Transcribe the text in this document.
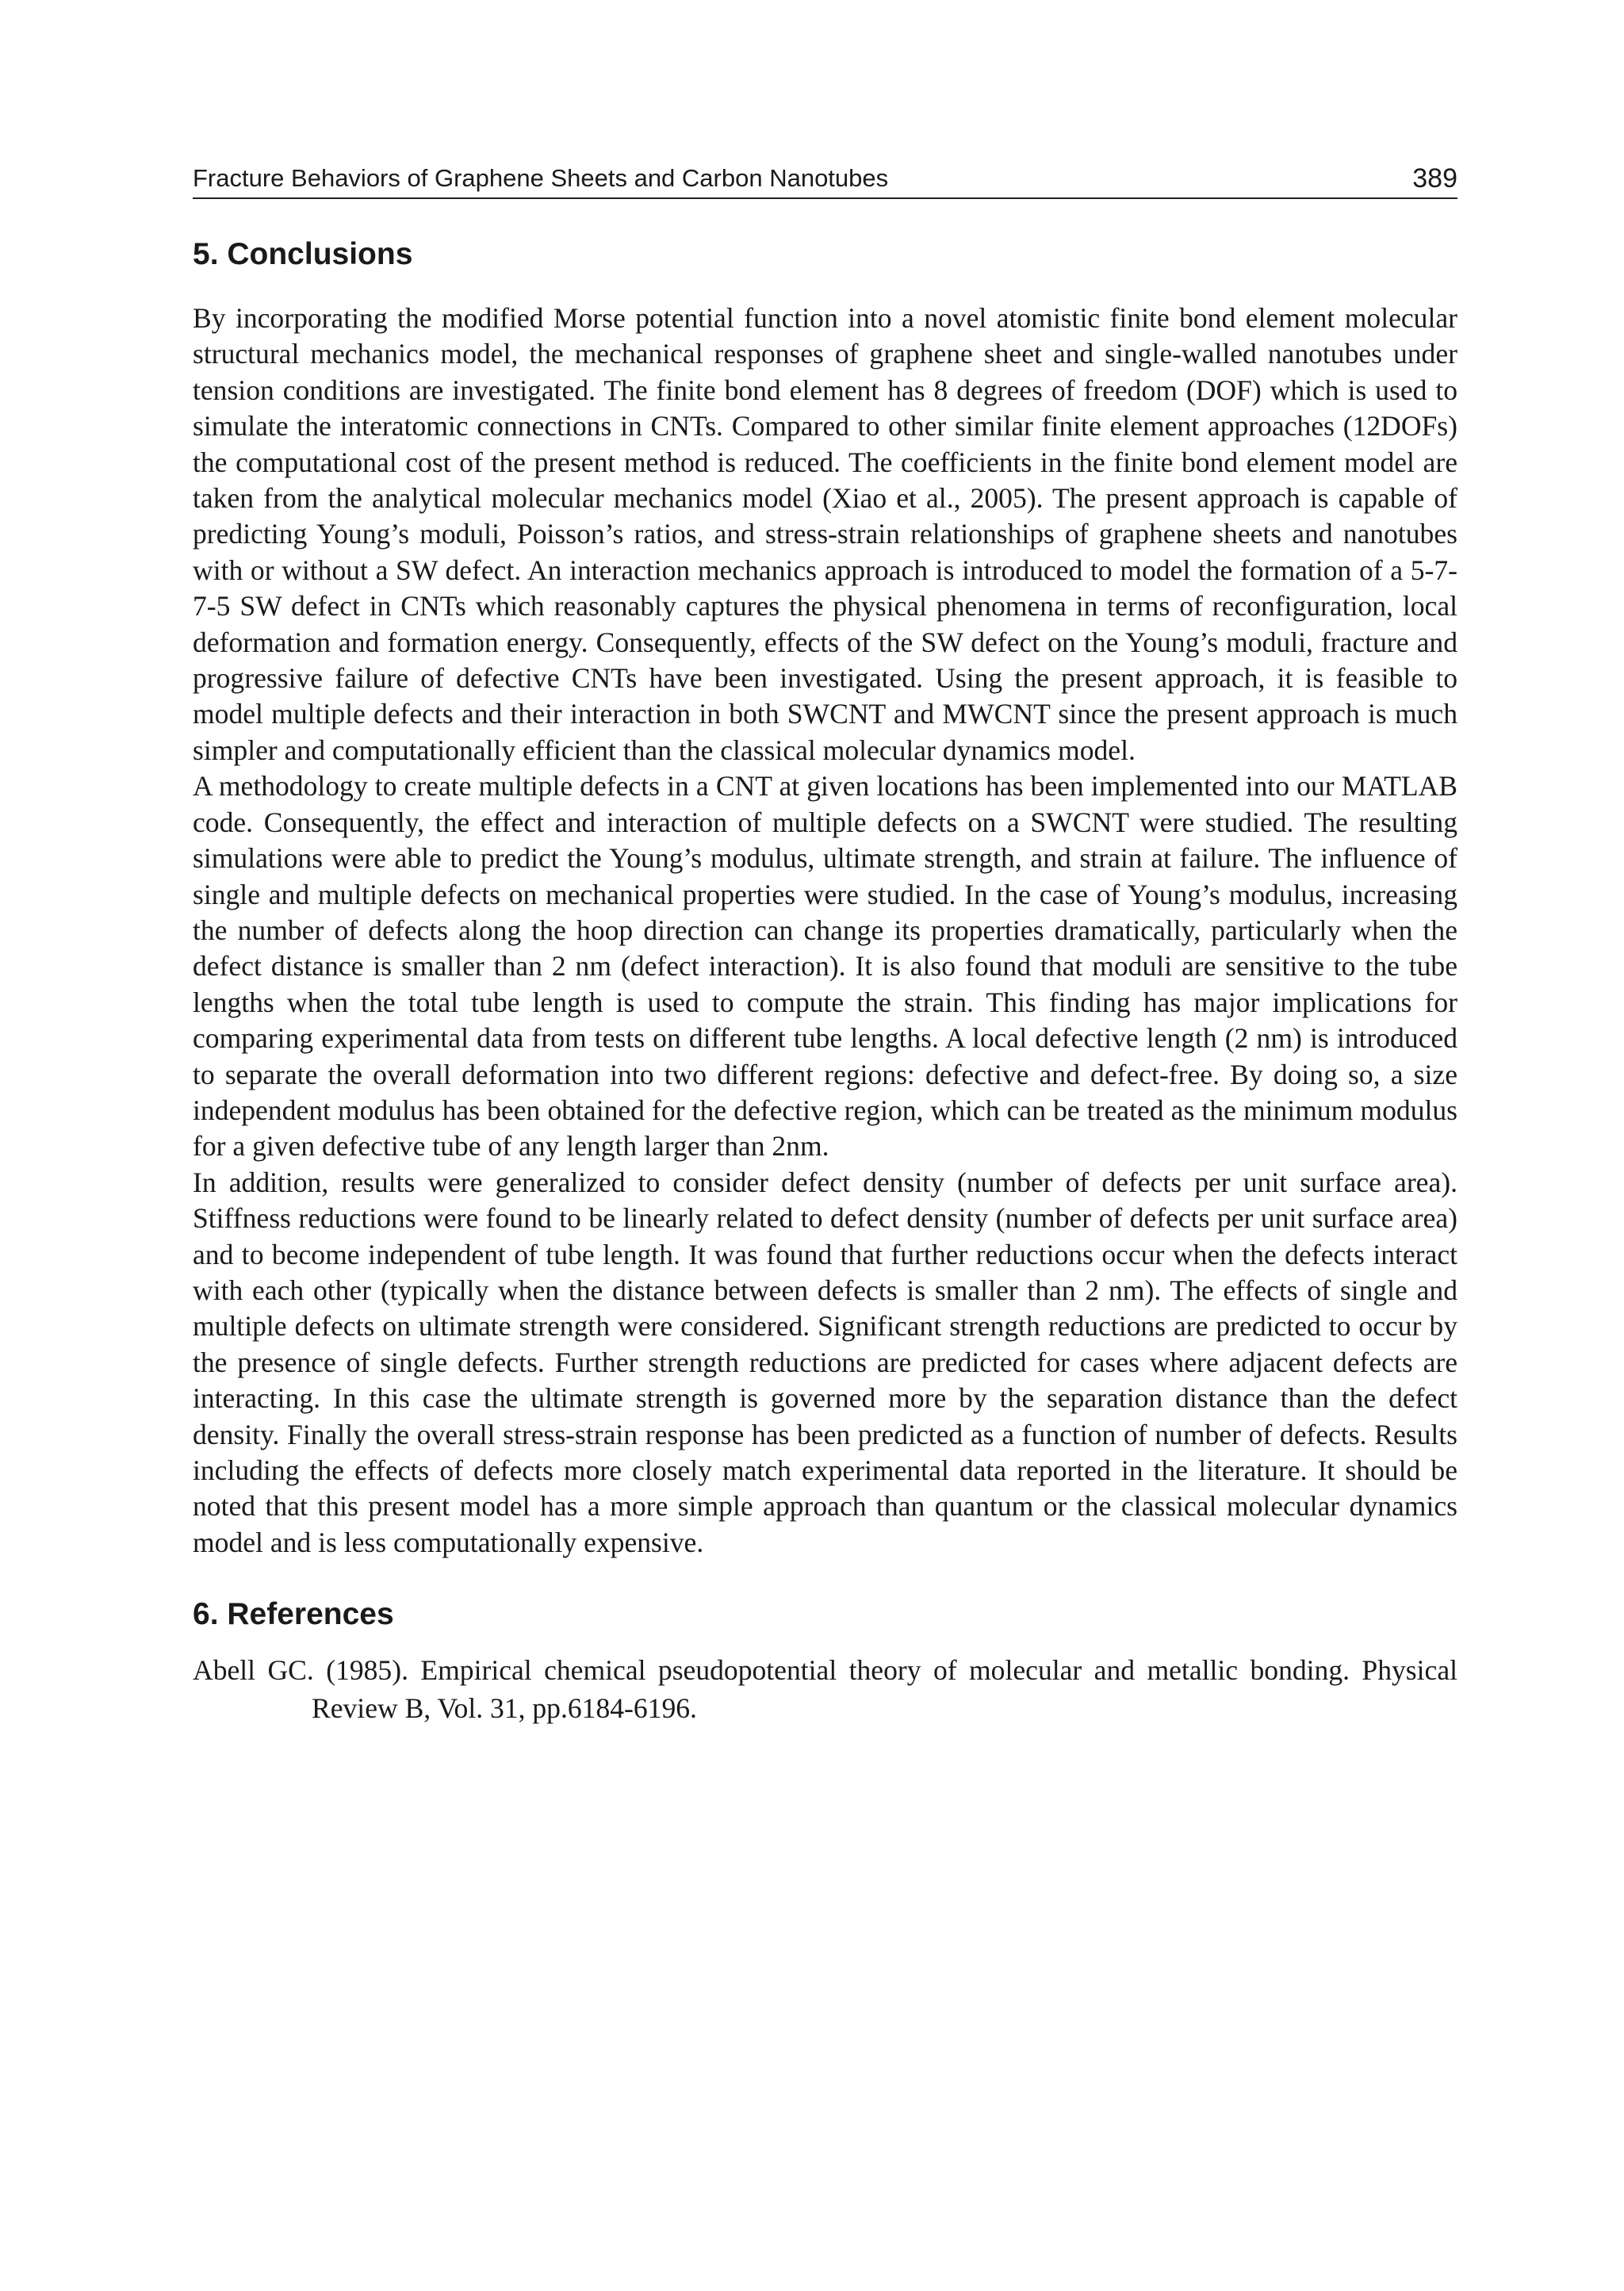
Fracture Behaviors of Graphene Sheets and Carbon Nanotubes	389
5. Conclusions

By incorporating the modified Morse potential function into a novel atomistic finite bond element molecular structural mechanics model, the mechanical responses of graphene sheet and single-walled nanotubes under tension conditions are investigated. The finite bond element has 8 degrees of freedom (DOF) which is used to simulate the interatomic connections in CNTs. Compared to other similar finite element approaches (12DOFs) the computational cost of the present method is reduced. The coefficients in the finite bond element model are taken from the analytical molecular mechanics model (Xiao et al., 2005). The present approach is capable of predicting Young’s moduli, Poisson’s ratios, and stress-strain relationships of graphene sheets and nanotubes with or without a SW defect. An interaction mechanics approach is introduced to model the formation of a 5-7-7-5 SW defect in CNTs which reasonably captures the physical phenomena in terms of reconfiguration, local deformation and formation energy. Consequently, effects of the SW defect on the Young’s moduli, fracture and progressive failure of defective CNTs have been investigated. Using the present approach, it is feasible to model multiple defects and their interaction in both SWCNT and MWCNT since the present approach is much simpler and computationally efficient than the classical molecular dynamics model.

A methodology to create multiple defects in a CNT at given locations has been implemented into our MATLAB code. Consequently, the effect and interaction of multiple defects on a SWCNT were studied. The resulting simulations were able to predict the Young’s modulus, ultimate strength, and strain at failure. The influence of single and multiple defects on mechanical properties were studied. In the case of Young’s modulus, increasing the number of defects along the hoop direction can change its properties dramatically, particularly when the defect distance is smaller than 2 nm (defect interaction). It is also found that moduli are sensitive to the tube lengths when the total tube length is used to compute the strain. This finding has major implications for comparing experimental data from tests on different tube lengths. A local defective length (2 nm) is introduced to separate the overall deformation into two different regions: defective and defect-free. By doing so, a size independent modulus has been obtained for the defective region, which can be treated as the minimum modulus for a given defective tube of any length larger than 2nm.

In addition, results were generalized to consider defect density (number of defects per unit surface area). Stiffness reductions were found to be linearly related to defect density (number of defects per unit surface area) and to become independent of tube length. It was found that further reductions occur when the defects interact with each other (typically when the distance between defects is smaller than 2 nm). The effects of single and multiple defects on ultimate strength were considered. Significant strength reductions are predicted to occur by the presence of single defects. Further strength reductions are predicted for cases where adjacent defects are interacting. In this case the ultimate strength is governed more by the separation distance than the defect density. Finally the overall stress-strain response has been predicted as a function of number of defects. Results including the effects of defects more closely match experimental data reported in the literature. It should be noted that this present model has a more simple approach than quantum or the classical molecular dynamics model and is less computationally expensive.

6. References

Abell GC. (1985). Empirical chemical pseudopotential theory of molecular and metallic bonding. Physical Review B, Vol. 31, pp.6184-6196.
